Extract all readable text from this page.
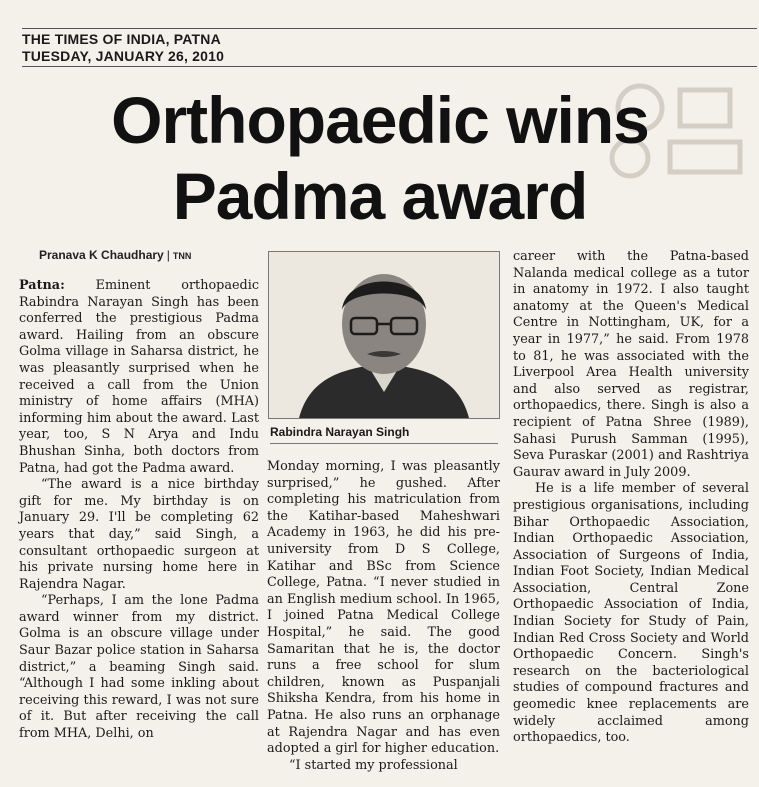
THE TIMES OF INDIA, PATNA
TUESDAY, JANUARY 26, 2010
Orthopaedic wins
Padma award
Pranava K Chaudhary | TNN

Patna: Eminent orthopaedic Rabindra Narayan Singh has been conferred the prestigious Padma award. Hailing from an obscure Golma village in Saharsa district, he was pleasantly surprised when he received a call from the Union ministry of home affairs (MHA) informing him about the award. Last year, too, S N Arya and Indu Bhushan Sinha, both doctors from Patna, had got the Padma award.

“The award is a nice birthday gift for me. My birthday is on January 29. I'll be completing 62 years that day,” said Singh, a consultant orthopaedic surgeon at his private nursing home here in Rajendra Nagar.

“Perhaps, I am the lone Padma award winner from my district. Golma is an obscure village under Saur Bazar police station in Saharsa district,” a beaming Singh said. “Although I had some inkling about receiving this reward, I was not sure of it. But after receiving the call from MHA, Delhi, on

Rabindra Narayan Singh

Monday morning, I was pleasantly surprised,” he gushed. After completing his matriculation from the Katihar-based Maheshwari Academy in 1963, he did his pre-university from D S College, Katihar and BSc from Science College, Patna. “I never studied in an English medium school. In 1965, I joined Patna Medical College Hospital,” he said. The good Samaritan that he is, the doctor runs a free school for slum children, known as Puspanjali Shiksha Kendra, from his home in Patna. He also runs an orphanage at Rajendra Nagar and has even adopted a girl for higher education.

“I started my professional

career with the Patna-based Nalanda medical college as a tutor in anatomy in 1972. I also taught anatomy at the Queen's Medical Centre in Nottingham, UK, for a year in 1977,” he said. From 1978 to 81, he was associated with the Liverpool Area Health university and also served as registrar, orthopaedics, there. Singh is also a recipient of Patna Shree (1989), Sahasi Purush Samman (1995), Seva Puraskar (2001) and Rashtriya Gaurav award in July 2009.

He is a life member of several prestigious organisations, including Bihar Orthopaedic Association, Indian Orthopaedic Association, Association of Surgeons of India, Indian Foot Society, Indian Medical Association, Central Zone Orthopaedic Association of India, Indian Society for Study of Pain, Indian Red Cross Society and World Orthopaedic Concern. Singh's research on the bacteriological studies of compound fractures and geomedic knee replacements are widely acclaimed among orthopaedics, too.
